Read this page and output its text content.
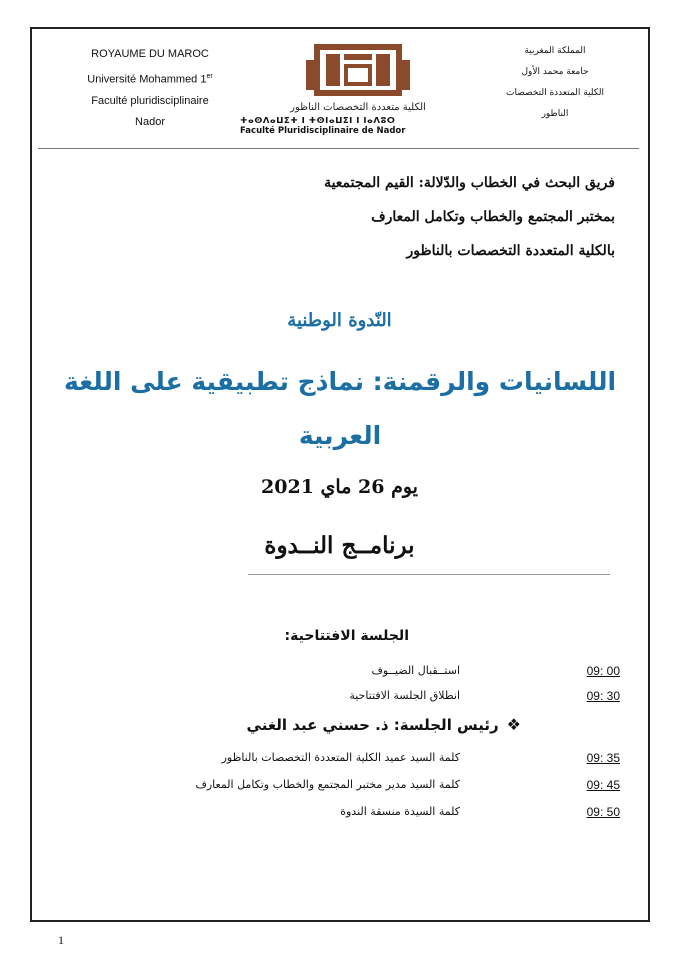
ROYAUME DU MAROC
Université Mohammed 1er
Faculté pluridisciplinaire
Nador
الكلية متعددة التخصصات الناظور
ⵜⴰⵙⴷⴰⵡⵉⵜ ⵏ ⵜⵙⵏⴰⵡⵉⵏ ⵏ ⵏⴰⴷⵓⵔ
Faculté Pluridisciplinaire de Nador
المملكة المغربية
جامعة محمد الأول
الكلية المتعددة التخصصات
الناظور
فريق البحث في الخطاب والدّلالة: القيم المجتمعية
بمختبر المجتمع والخطاب وتكامل المعارف
بالكلية المتعددة التخصصات بالناظور
النّدوة الوطنية
اللسانيات والرقمنة: نماذج تطبيقية على اللغة العربية
يوم 26 ماي 2021
برنامــج النــدوة
الجلسة الافتتاحية:
09: 00
استــقبال الضيــوف
09: 30
انطلاق الجلسة الافتتاحية
❖رئيس الجلسة: ذ. حسني عبد الغني
09: 35
كلمة السيد عميد الكلية المتعددة التخصصات بالناظور
09: 45
كلمة السيد مدير مختبر المجتمع والخطاب وتكامل المعارف
09: 50
كلمة السيدة منسقة الندوة
1
